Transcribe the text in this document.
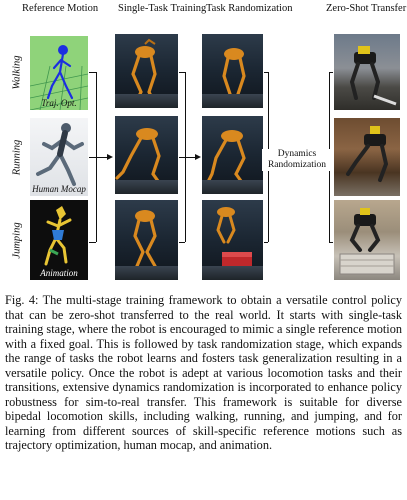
Reference Motion Single-Task Training Task Randomization	Zero-Shot Transfer
Walking
Running
Jumping
Traj. Opt.
Human Mocap
Animation
Dynamics Randomization
Fig. 4: The multi-stage training framework to obtain a versatile control policy that can be zero-shot transferred to the real world. It starts with single-task training stage, where the robot is encouraged to mimic a single reference motion with a fixed goal. This is followed by task randomization stage, which expands the range of tasks the robot learns and fosters task generalization resulting in a versatile policy. Once the robot is adept at various locomotion tasks and their transitions, extensive dynamics randomization is incorporated to enhance policy robustness for sim-to-real transfer. This framework is suitable for diverse bipedal locomotion skills, including walking, running, and jumping, and for learning from different sources of skill-specific reference motions such as trajectory optimization, human mocap, and animation.
